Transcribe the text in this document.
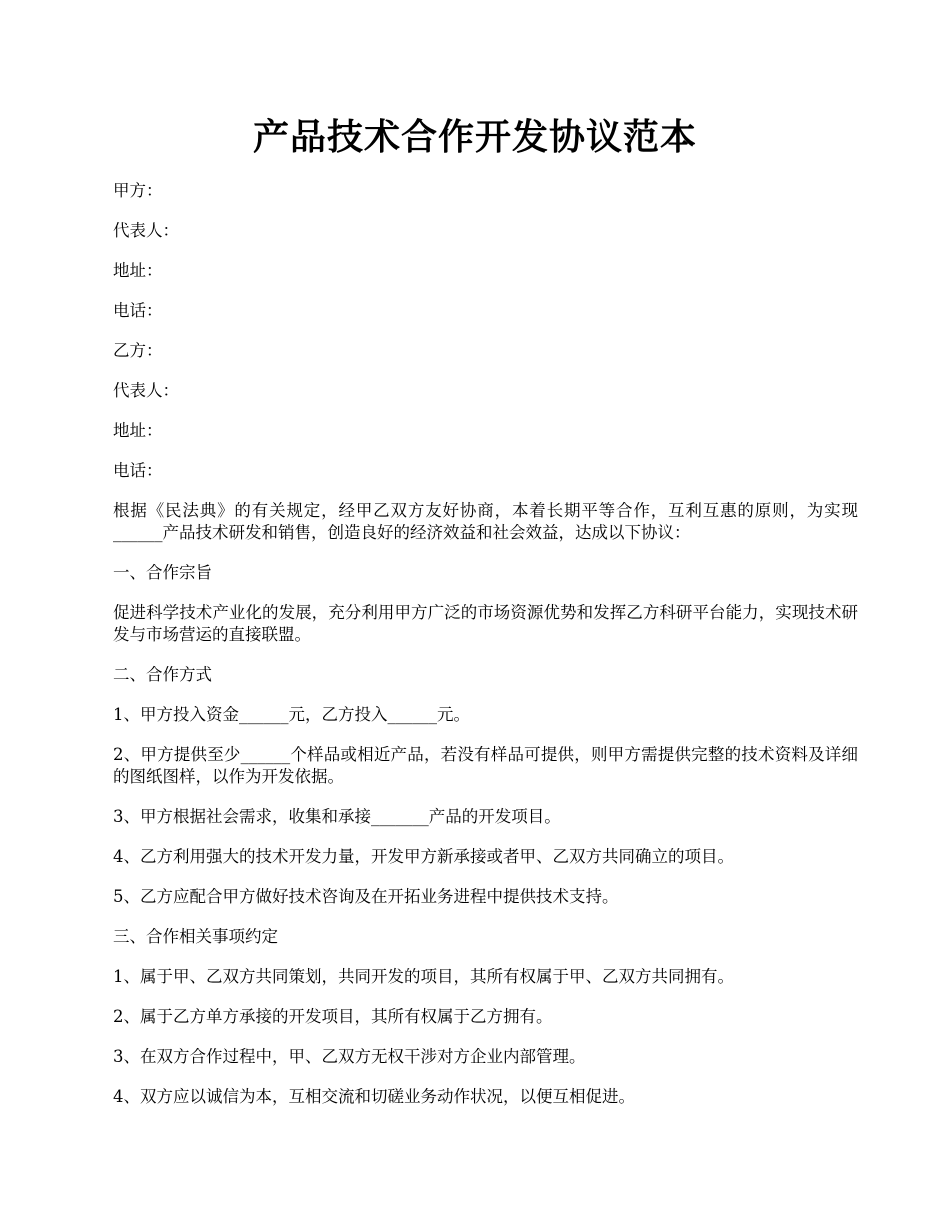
产品技术合作开发协议范本

甲方：

代表人：

地址：

电话：

乙方：

代表人：

地址：

电话：

根据《民法典》的有关规定，经甲乙双方友好协商，本着长期平等合作，互利互惠的原则，为实现______产品技术研发和销售，创造良好的经济效益和社会效益，达成以下协议：

一、合作宗旨

促进科学技术产业化的发展，充分利用甲方广泛的市场资源优势和发挥乙方科研平台能力，实现技术研发与市场营运的直接联盟。

二、合作方式

1、甲方投入资金______元，乙方投入______元。

2、甲方提供至少______个样品或相近产品，若没有样品可提供，则甲方需提供完整的技术资料及详细的图纸图样，以作为开发依据。

3、甲方根据社会需求，收集和承接_______产品的开发项目。

4、乙方利用强大的技术开发力量，开发甲方新承接或者甲、乙双方共同确立的项目。

5、乙方应配合甲方做好技术咨询及在开拓业务进程中提供技术支持。

三、合作相关事项约定

1、属于甲、乙双方共同策划，共同开发的项目，其所有权属于甲、乙双方共同拥有。

2、属于乙方单方承接的开发项目，其所有权属于乙方拥有。

3、在双方合作过程中，甲、乙双方无权干涉对方企业内部管理。

4、双方应以诚信为本，互相交流和切磋业务动作状况，以便互相促进。
